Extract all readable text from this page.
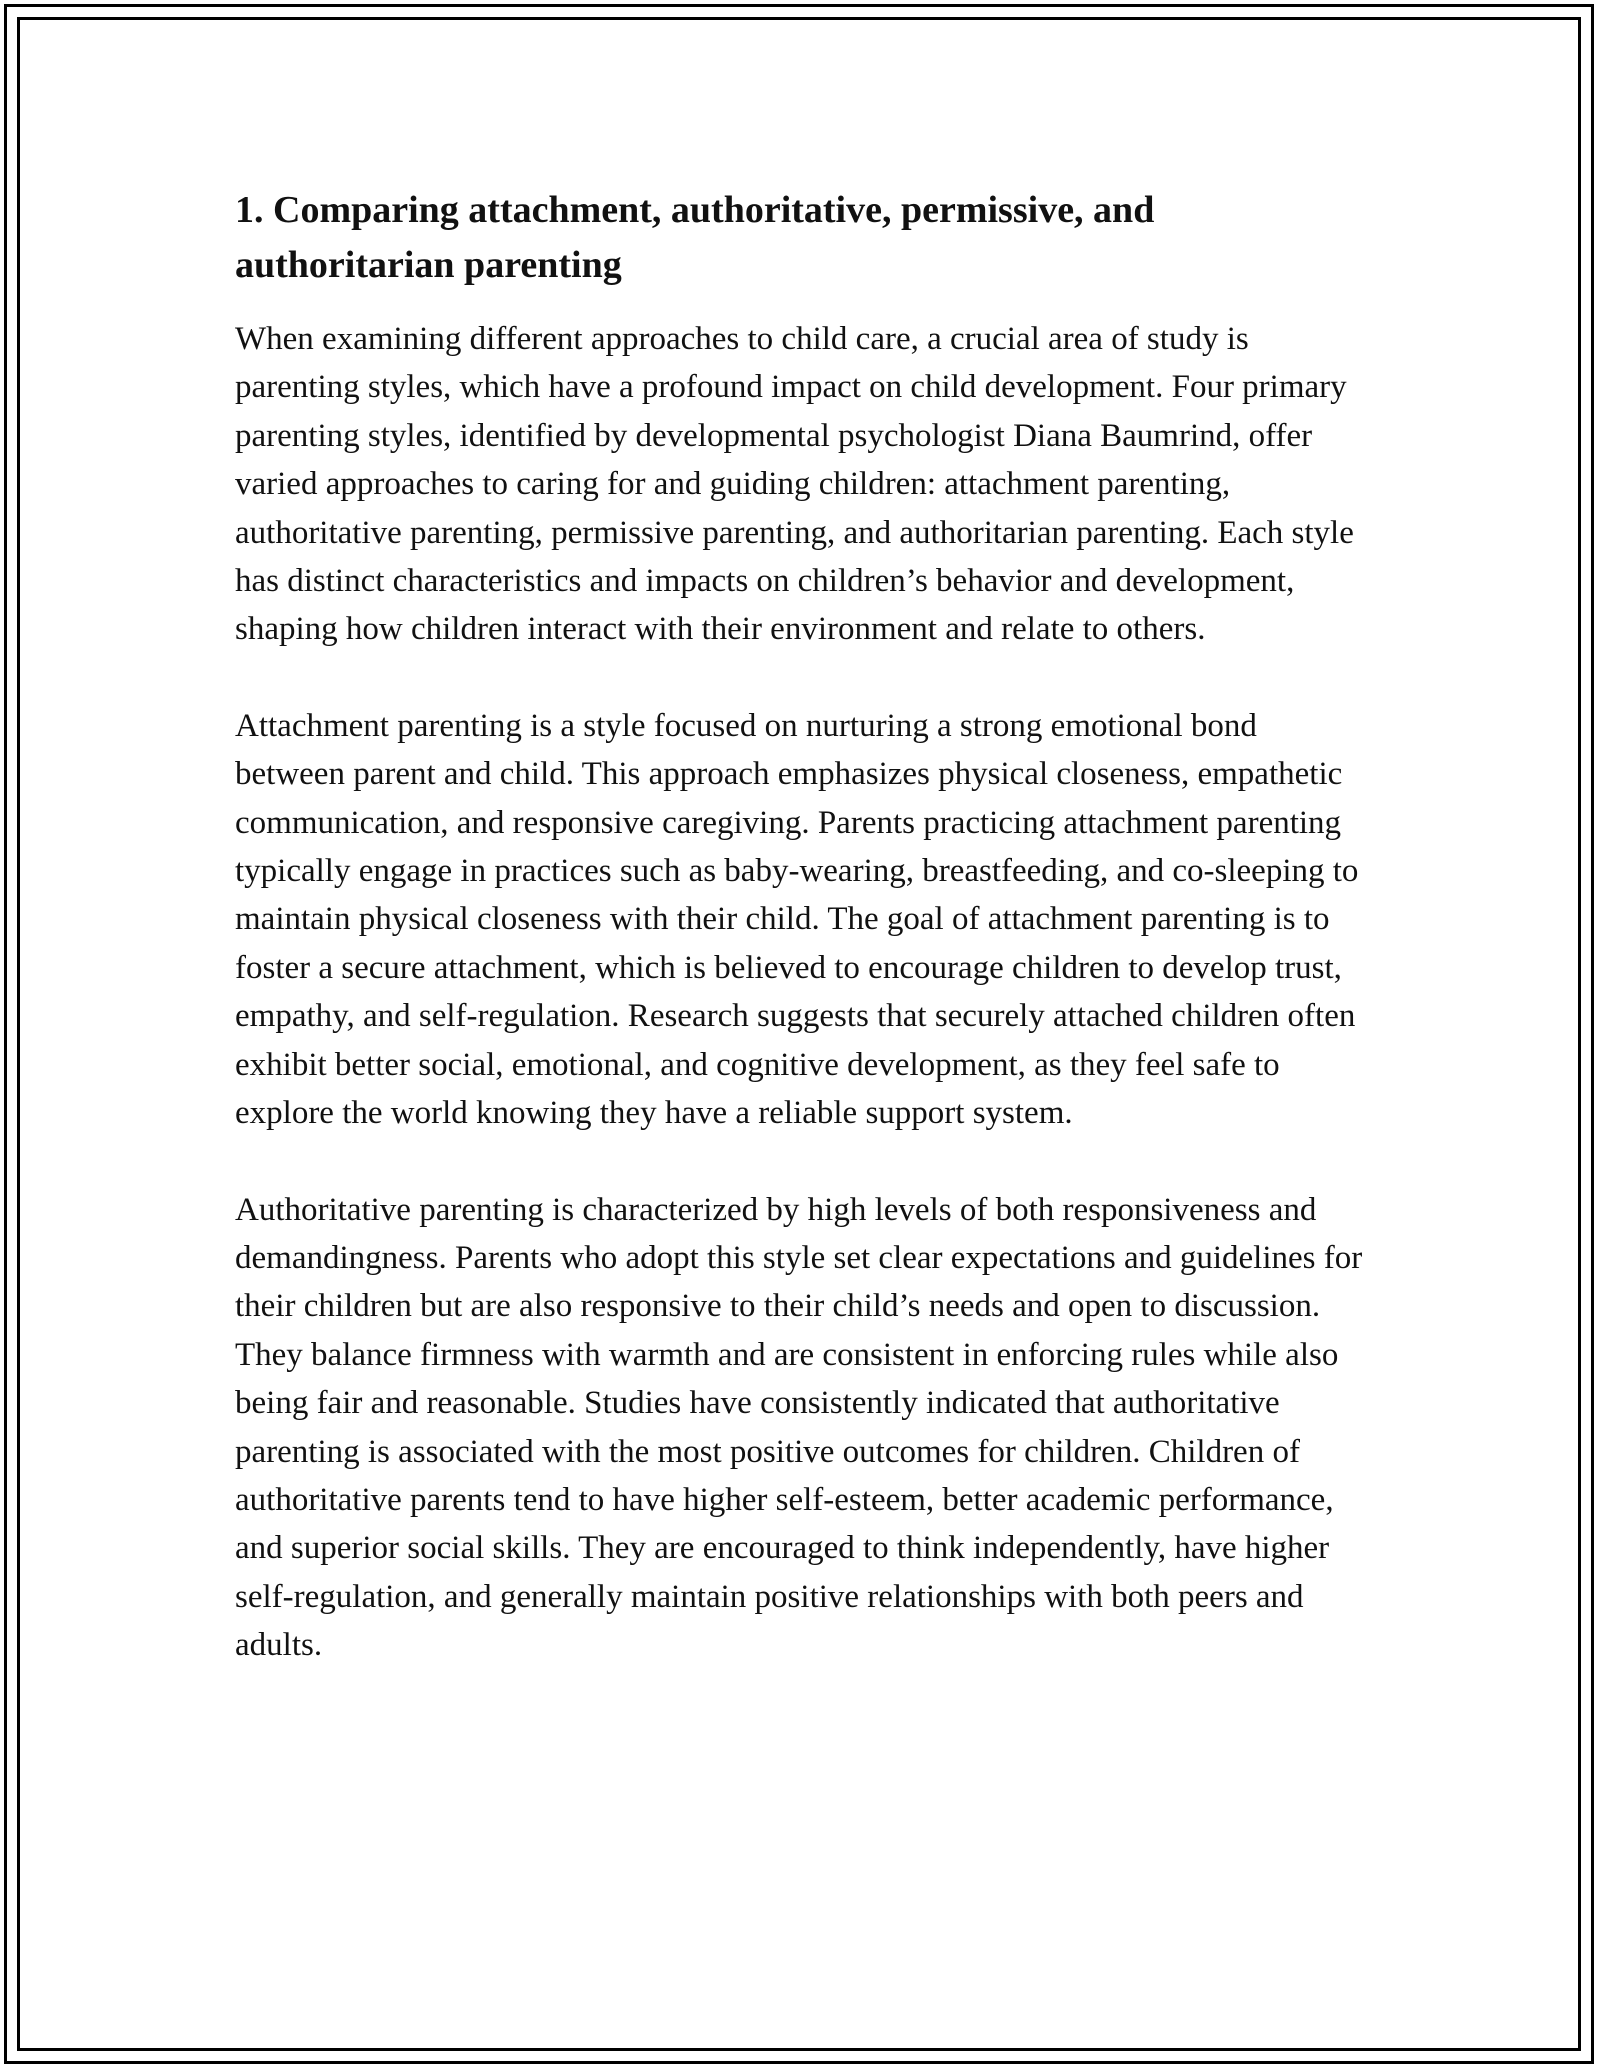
1. Comparing attachment, authoritative, permissive, and authoritarian parenting

When examining different approaches to child care, a crucial area of study is parenting styles, which have a profound impact on child development. Four primary parenting styles, identified by developmental psychologist Diana Baumrind, offer varied approaches to caring for and guiding children: attachment parenting, authoritative parenting, permissive parenting, and authoritarian parenting. Each style has distinct characteristics and impacts on children’s behavior and development, shaping how children interact with their environment and relate to others.

Attachment parenting is a style focused on nurturing a strong emotional bond between parent and child. This approach emphasizes physical closeness, empathetic communication, and responsive caregiving. Parents practicing attachment parenting typically engage in practices such as baby-wearing, breastfeeding, and co-sleeping to maintain physical closeness with their child. The goal of attachment parenting is to foster a secure attachment, which is believed to encourage children to develop trust, empathy, and self-regulation. Research suggests that securely attached children often exhibit better social, emotional, and cognitive development, as they feel safe to explore the world knowing they have a reliable support system.

Authoritative parenting is characterized by high levels of both responsiveness and demandingness. Parents who adopt this style set clear expectations and guidelines for their children but are also responsive to their child’s needs and open to discussion. They balance firmness with warmth and are consistent in enforcing rules while also being fair and reasonable. Studies have consistently indicated that authoritative parenting is associated with the most positive outcomes for children. Children of authoritative parents tend to have higher self-esteem, better academic performance, and superior social skills. They are encouraged to think independently, have higher self-regulation, and generally maintain positive relationships with both peers and adults.
